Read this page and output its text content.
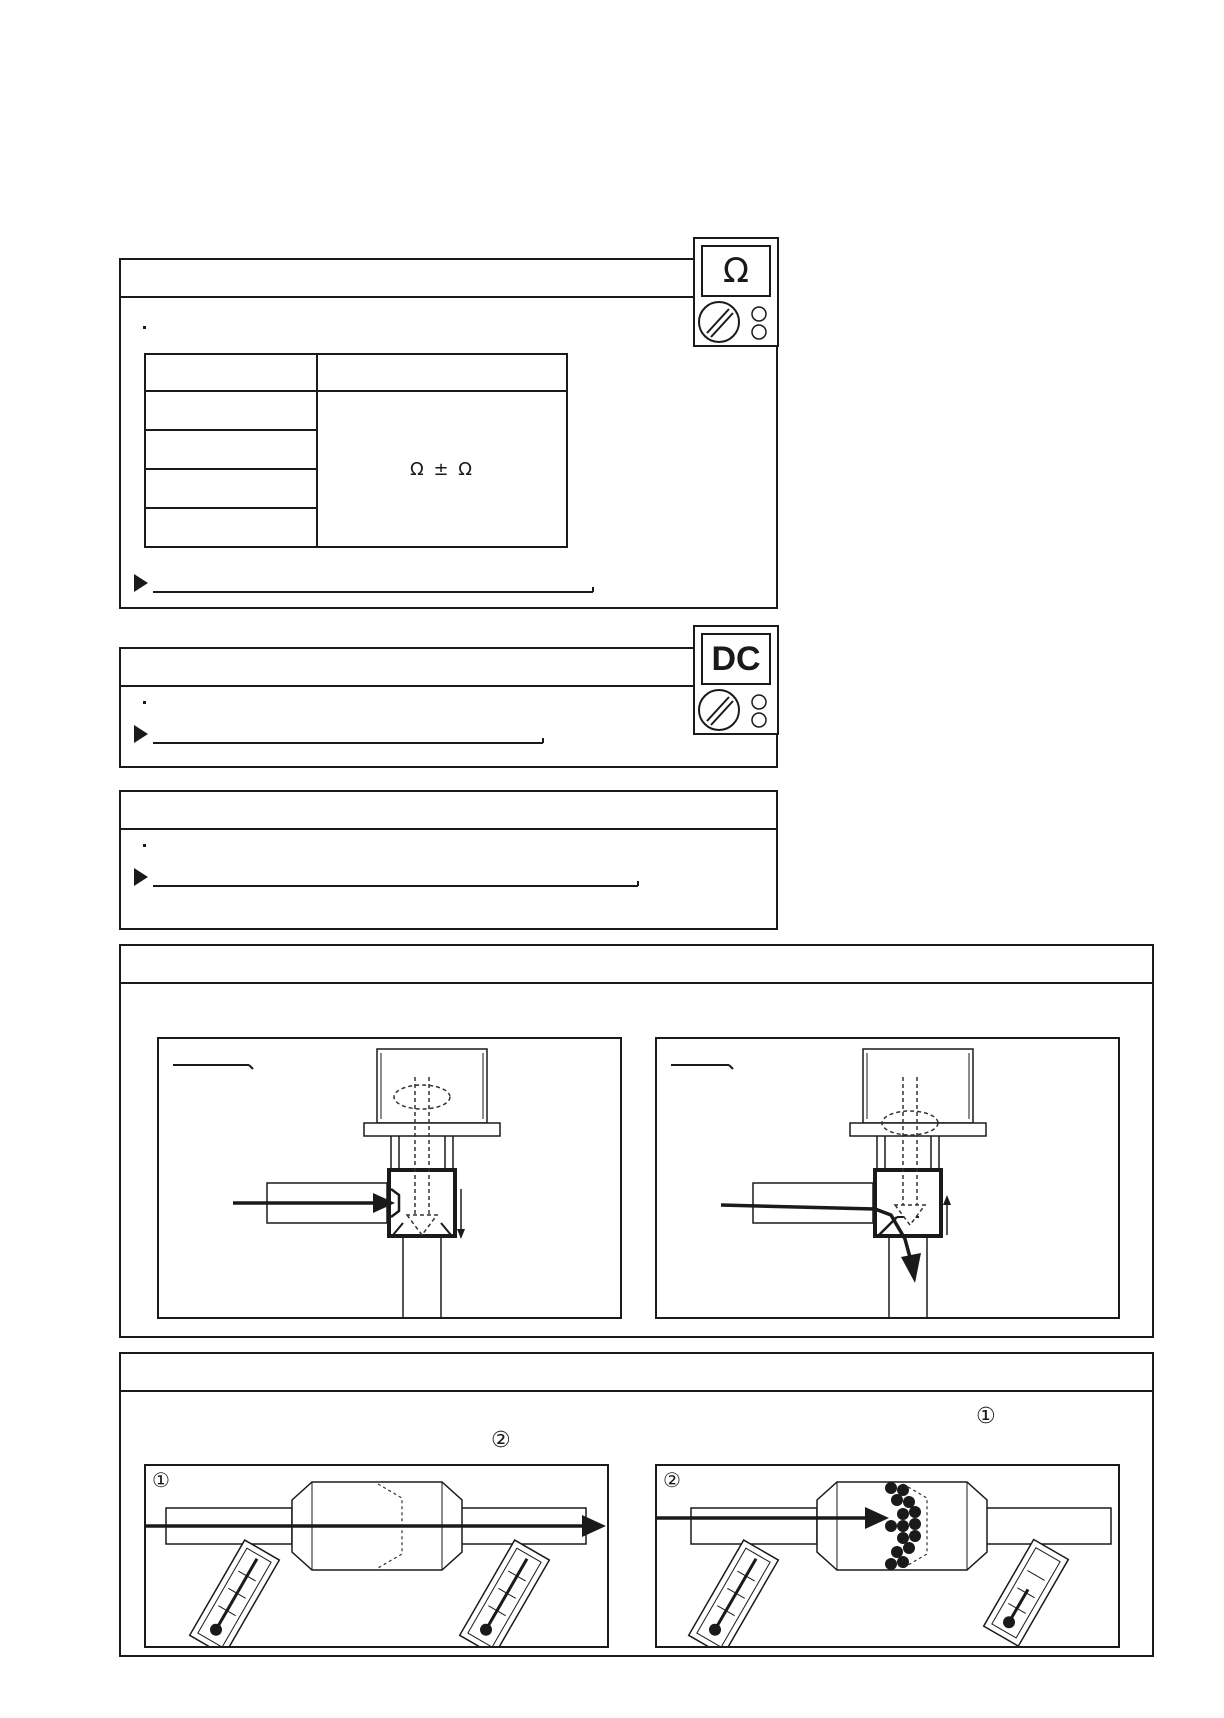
	Ω ± Ω

Ω
DC
①
②
①	②
